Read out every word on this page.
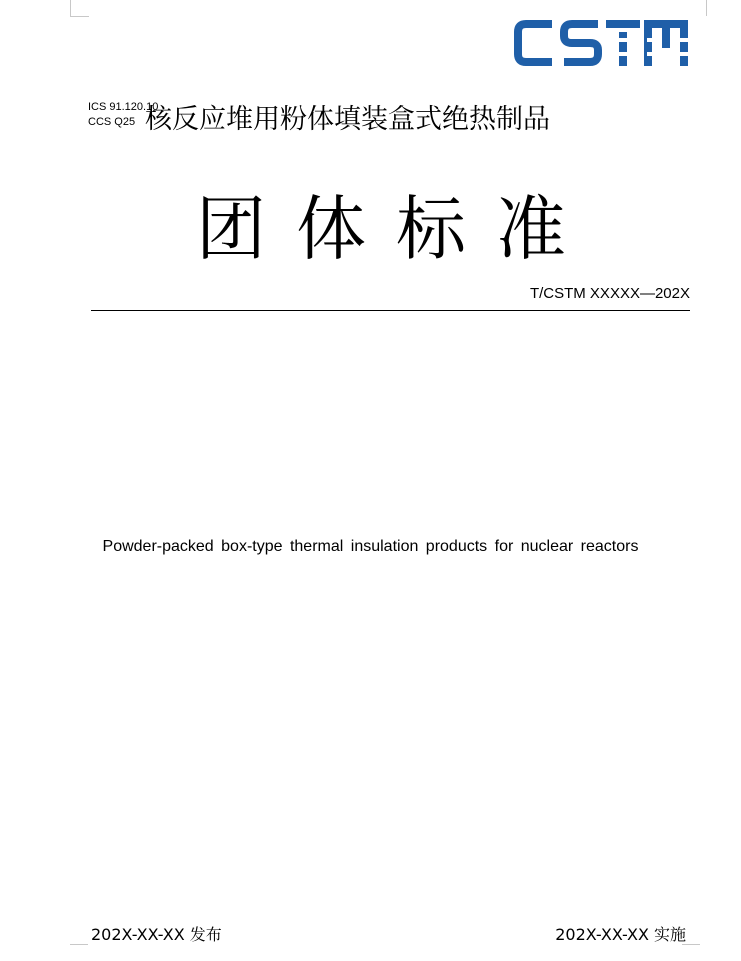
ICS 91.120.10
CCS Q25 核反应堆用粉体填装盒式绝热制品
团体标准
T/CSTM XXXXX—202X
Powder-packed box-type thermal insulation products for nuclear reactors
202X-XX-XX 发布	202X-XX-XX 实施
